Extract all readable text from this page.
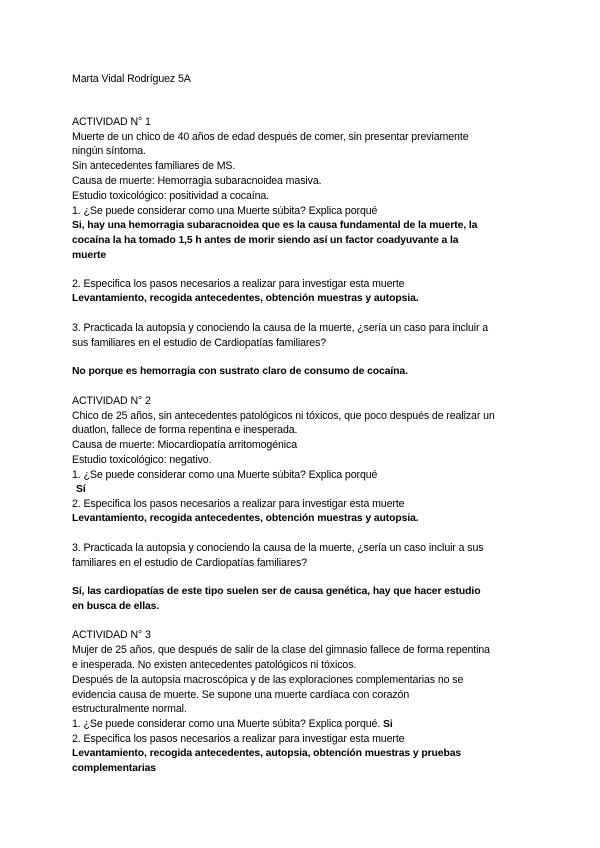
Marta Vidal Rodríguez 5A
ACTIVIDAD N° 1
Muerte de un chico de 40 años de edad después de comer, sin presentar previamente
ningún síntoma.
Sin antecedentes familiares de MS.
Causa de muerte: Hemorragia subaracnoidea masiva.
Estudio toxicológico: positividad a cocaína.
1. ¿Se puede considerar como una Muerte súbita? Explica porqué
Si, hay una hemorragia subaracnoidea que es la causa fundamental de la muerte, la
cocaína la ha tomado 1,5 h antes de morir siendo así un factor coadyuvante a la
muerte
2. Especifica los pasos necesarios a realizar para investigar esta muerte
Levantamiento, recogida antecedentes, obtención muestras y autopsia.
3. Practicada la autopsia y conociendo la causa de la muerte, ¿sería un caso para incluir a
sus familiares en el estudio de Cardiopatías familiares?
No porque es hemorragia con sustrato claro de consumo de cocaína.
ACTIVIDAD N° 2
Chico de 25 años, sin antecedentes patológicos ni tóxicos, que poco después de realizar un
duatlon, fallece de forma repentina e inesperada.
Causa de muerte: Miocardiopatía arritomogénica
Estudio toxicológico: negativo.
1. ¿Se puede considerar como una Muerte súbita? Explica porqué
Sí
2. Especifica los pasos necesarios a realizar para investigar esta muerte
Levantamiento, recogida antecedentes, obtención muestras y autopsia.
3. Practicada la autopsia y conociendo la causa de la muerte, ¿sería un caso incluir a sus
familiares en el estudio de Cardiopatías familiares?
Sí, las cardiopatías de este tipo suelen ser de causa genética, hay que hacer estudio
en busca de ellas.
ACTIVIDAD N° 3
Mujer de 25 años, que después de salir de la clase del gimnasio fallece de forma repentina
e inesperada. No existen antecedentes patológicos ni tóxicos.
Después de la autopsia macroscópica y de las exploraciones complementarias no se
evidencia causa de muerte. Se supone una muerte cardíaca con corazón
estructuralmente normal.
1. ¿Se puede considerar como una Muerte súbita? Explica porqué. Si
2. Especifica los pasos necesarios a realizar para investigar esta muerte
Levantamiento, recogida antecedentes, autopsia, obtención muestras y pruebas
complementarias
